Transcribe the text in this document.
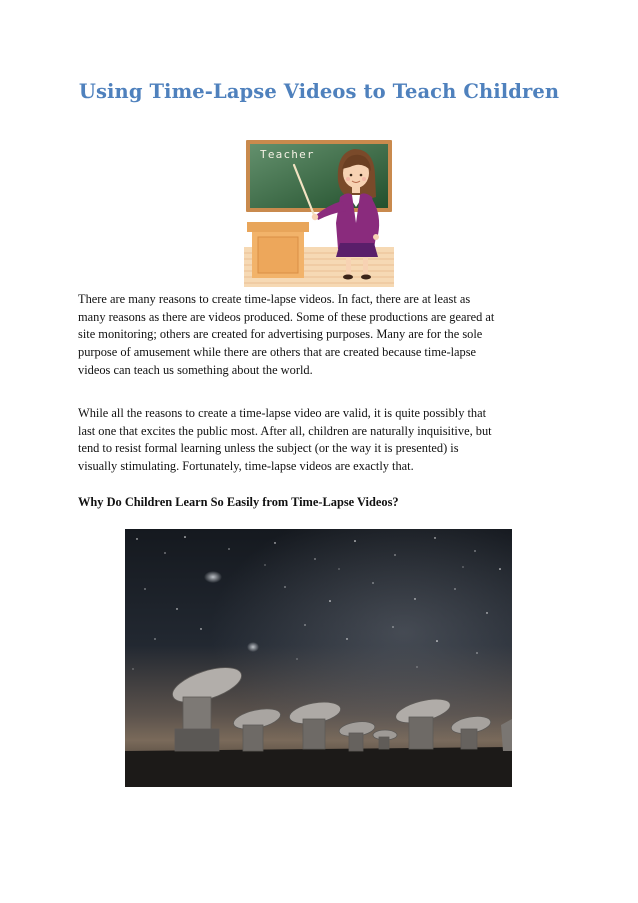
Using Time-Lapse Videos to Teach Children
Teacher

There are many reasons to create time-lapse videos. In fact, there are at least as
many reasons as there are videos produced. Some of these productions are geared at
site monitoring; others are created for advertising purposes. Many are for the sole
purpose of amusement while there are others that are created because time-lapse
videos can teach us something about the world.

While all the reasons to create a time-lapse video are valid, it is quite possibly that
last one that excites the public most. After all, children are naturally inquisitive, but
tend to resist formal learning unless the subject (or the way it is presented) is
visually stimulating. Fortunately, time-lapse videos are exactly that.

Why Do Children Learn So Easily from Time-Lapse Videos?
